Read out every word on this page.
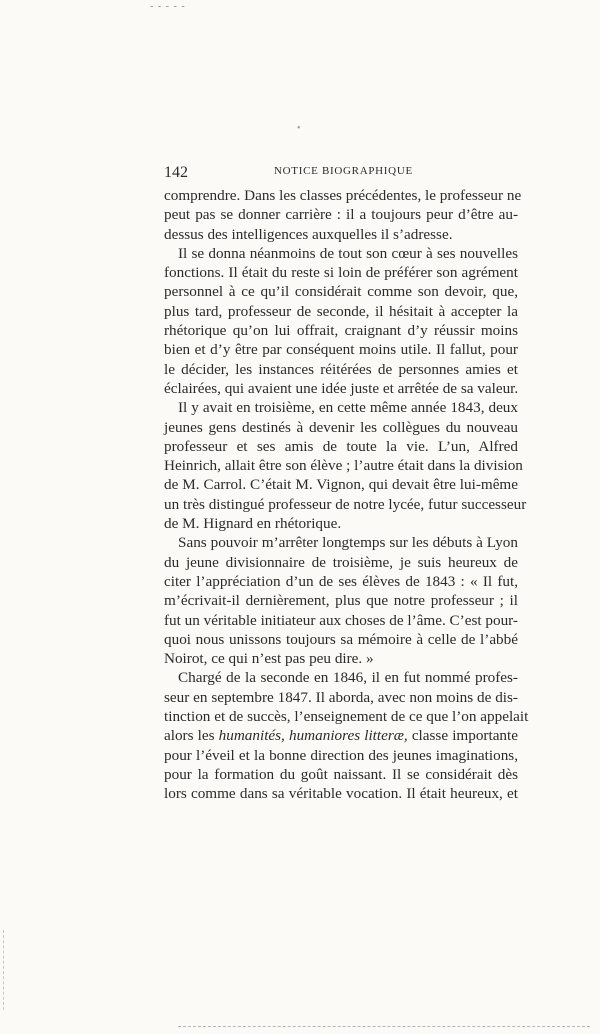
- - - - -
•
142	NOTICE BIOGRAPHIQUE
comprendre. Dans les classes précédentes, le professeur ne
peut pas se donner carrière : il a toujours peur d’être au-
dessus des intelligences auxquelles il s’adresse.
Il se donna néanmoins de tout son cœur à ses nouvelles
fonctions. Il était du reste si loin de préférer son agrément
personnel à ce qu’il considérait comme son devoir, que,
plus tard, professeur de seconde, il hésitait à accepter la
rhétorique qu’on lui offrait, craignant d’y réussir moins
bien et d’y être par conséquent moins utile. Il fallut, pour
le décider, les instances réitérées de personnes amies et
éclairées, qui avaient une idée juste et arrêtée de sa valeur.
Il y avait en troisième, en cette même année 1843, deux
jeunes gens destinés à devenir les collègues du nouveau
professeur et ses amis de toute la vie. L’un, Alfred
Heinrich, allait être son élève ; l’autre était dans la division
de M. Carrol. C’était M. Vignon, qui devait être lui-même
un très distingué professeur de notre lycée, futur successeur
de M. Hignard en rhétorique.
Sans pouvoir m’arrêter longtemps sur les débuts à Lyon
du jeune divisionnaire de troisième, je suis heureux de
citer l’appréciation d’un de ses élèves de 1843 : « Il fut,
m’écrivait-il dernièrement, plus que notre professeur ; il
fut un véritable initiateur aux choses de l’âme. C’est pour-
quoi nous unissons toujours sa mémoire à celle de l’abbé
Noirot, ce qui n’est pas peu dire. »
Chargé de la seconde en 1846, il en fut nommé profes-
seur en septembre 1847. Il aborda, avec non moins de dis-
tinction et de succès, l’enseignement de ce que l’on appelait
alors les humanités, humaniores litteræ, classe importante
pour l’éveil et la bonne direction des jeunes imaginations,
pour la formation du goût naissant. Il se considérait dès
lors comme dans sa véritable vocation. Il était heureux, et
